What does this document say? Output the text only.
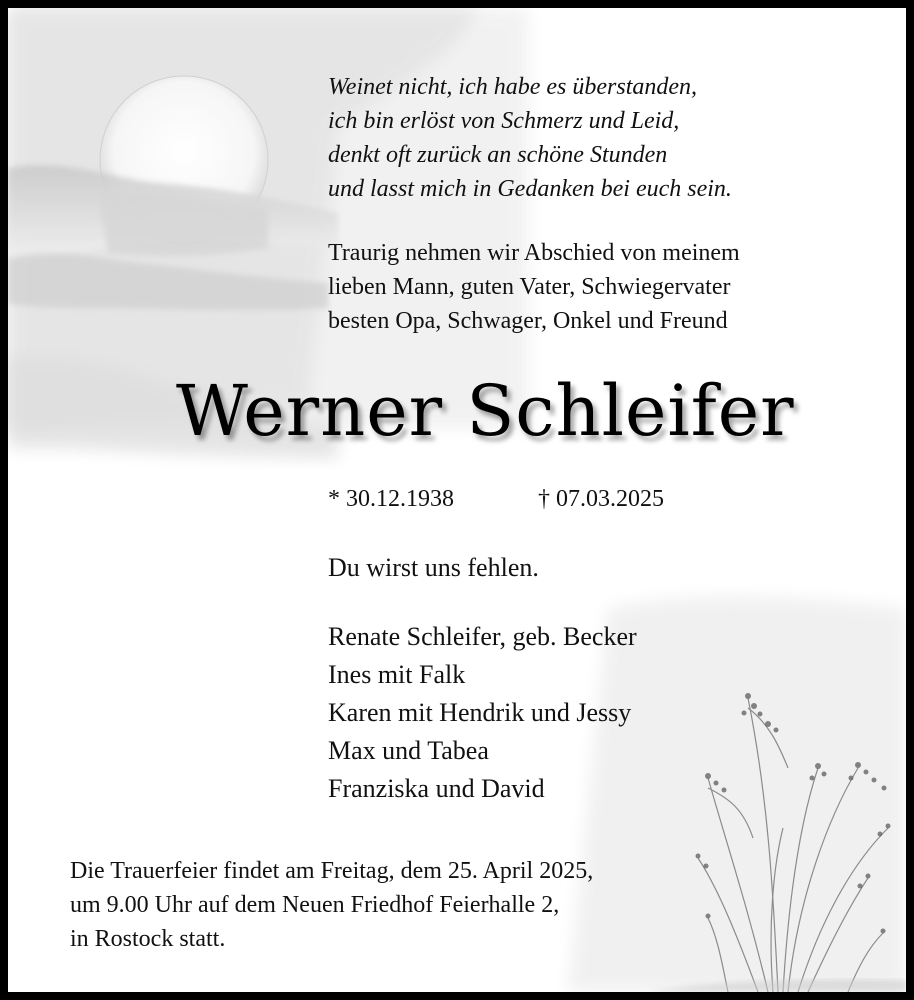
Weinet nicht, ich habe es überstanden,
ich bin erlöst von Schmerz und Leid,
denkt oft zurück an schöne Stunden
und lasst mich in Gedanken bei euch sein.
Traurig nehmen wir Abschied von meinem
lieben Mann, guten Vater, Schwiegervater
besten Opa, Schwager, Onkel und Freund
Werner Schleifer
* 30.12.1938	† 07.03.2025
Du wirst uns fehlen.
Renate Schleifer, geb. Becker
Ines mit Falk
Karen mit Hendrik und Jessy
Max und Tabea
Franziska und David
Die Trauerfeier findet am Freitag, dem 25. April 2025,
um 9.00 Uhr auf dem Neuen Friedhof Feierhalle 2,
in Rostock statt.
